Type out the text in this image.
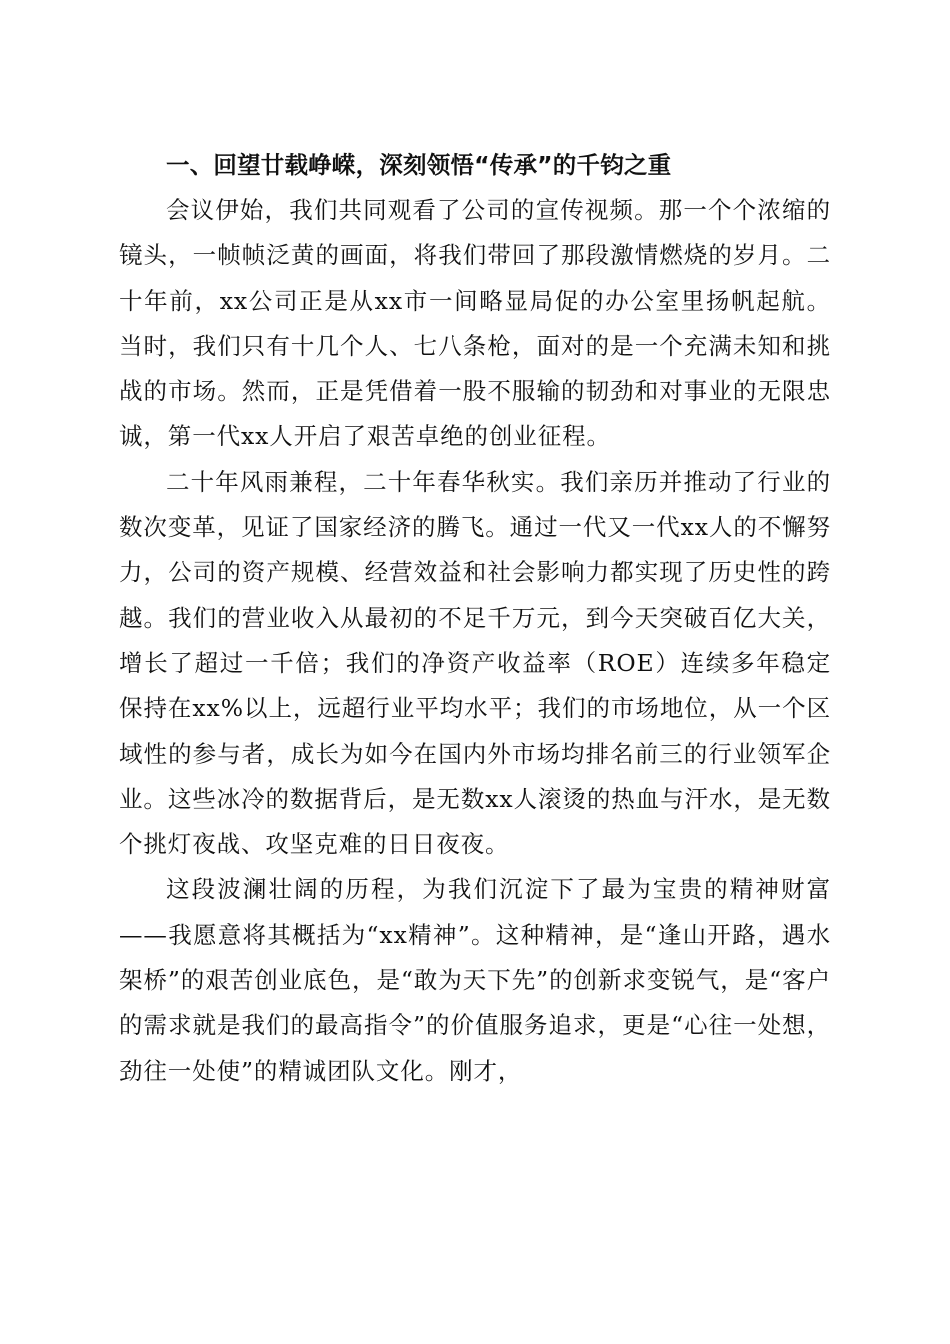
一、回望廿载峥嵘，深刻领悟“传承”的千钧之重

会议伊始，我们共同观看了公司的宣传视频。那一个个浓缩的镜头，一帧帧泛黄的画面，将我们带回了那段激情燃烧的岁月。二十年前，xx公司正是从xx市一间略显局促的办公室里扬帆起航。当时，我们只有十几个人、七八条枪，面对的是一个充满未知和挑战的市场。然而，正是凭借着一股不服输的韧劲和对事业的无限忠诚，第一代xx人开启了艰苦卓绝的创业征程。

二十年风雨兼程，二十年春华秋实。我们亲历并推动了行业的数次变革，见证了国家经济的腾飞。通过一代又一代xx人的不懈努力，公司的资产规模、经营效益和社会影响力都实现了历史性的跨越。我们的营业收入从最初的不足千万元，到今天突破百亿大关，增长了超过一千倍；我们的净资产收益率（ROE）连续多年稳定保持在xx%以上，远超行业平均水平；我们的市场地位，从一个区域性的参与者，成长为如今在国内外市场均排名前三的行业领军企业。这些冰冷的数据背后，是无数xx人滚烫的热血与汗水，是无数个挑灯夜战、攻坚克难的日日夜夜。

这段波澜壮阔的历程，为我们沉淀下了最为宝贵的精神财富——我愿意将其概括为“xx精神”。这种精神，是“逢山开路，遇水架桥”的艰苦创业底色，是“敢为天下先”的创新求变锐气，是“客户的需求就是我们的最高指令”的价值服务追求，更是“心往一处想，劲往一处使”的精诚团队文化。刚才，
